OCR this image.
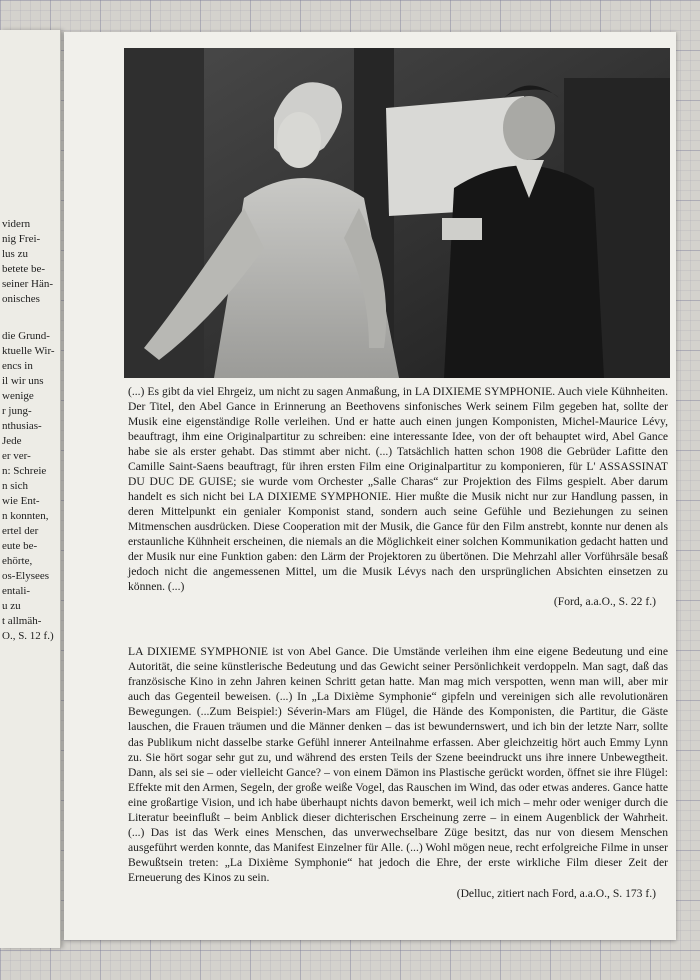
vidern
nig Frei-
lus zu
betete be-
seiner Hän-
onisches
die Grund-
ktuelle Wir-
encs in
il wir uns
wenige
r jung-
nthusias-
Jede
er ver-
n: Schreie
n sich
wie Ent-
n konnten,
ertel der
eute be-
ehörte,
os-Elysees
entali-
u zu
t allmäh-
O., S. 12 f.)
(...) Es gibt da viel Ehrgeiz, um nicht zu sagen Anmaßung, in LA DIXIEME SYMPHONIE. Auch viele Kühnheiten. Der Titel, den Abel Gance in Erinnerung an Beethovens sinfonisches Werk seinem Film gegeben hat, sollte der Musik eine eigenständige Rolle verleihen. Und er hatte auch einen jungen Komponisten, Michel-Maurice Lévy, beauftragt, ihm eine Originalpartitur zu schreiben: eine interessante Idee, von der oft behauptet wird, Abel Gance habe sie als erster gehabt. Das stimmt aber nicht. (...) Tatsächlich hatten schon 1908 die Gebrüder Lafitte den Camille Saint-Saens beauftragt, für ihren ersten Film eine Originalpartitur zu komponieren, für L' ASSASSINAT DU DUC DE GUISE; sie wurde vom Orchester „Salle Charas“ zur Projektion des Films gespielt. Aber darum handelt es sich nicht bei LA DIXIEME SYMPHONIE. Hier mußte die Musik nicht nur zur Handlung passen, in deren Mittelpunkt ein genialer Komponist stand, sondern auch seine Gefühle und Beziehungen zu seinen Mitmenschen ausdrücken. Diese Cooperation mit der Musik, die Gance für den Film anstrebt, konnte nur denen als erstaunliche Kühnheit erscheinen, die niemals an die Möglichkeit einer solchen Kommunikation gedacht hatten und der Musik nur eine Funktion gaben: den Lärm der Projektoren zu übertönen. Die Mehrzahl aller Vorführsäle besaß jedoch nicht die angemessenen Mittel, um die Musik Lévys nach den ursprünglichen Absichten einsetzen zu können. (...)
(Ford, a.a.O., S. 22 f.)
LA DIXIEME SYMPHONIE ist von Abel Gance. Die Umstände verleihen ihm eine eigene Bedeutung und eine Autorität, die seine künstlerische Bedeutung und das Gewicht seiner Persönlichkeit verdoppeln. Man sagt, daß das französische Kino in zehn Jahren keinen Schritt getan hatte. Man mag mich verspotten, wenn man will, aber mir auch das Gegenteil beweisen. (...) In „La Dixième Symphonie“ gipfeln und vereinigen sich alle revolutionären Bewegungen. (...Zum Beispiel:) Séverin-Mars am Flügel, die Hände des Komponisten, die Partitur, die Gäste lauschen, die Frauen träumen und die Männer denken – das ist bewundernswert, und ich bin der letzte Narr, sollte das Publikum nicht dasselbe starke Gefühl innerer Anteilnahme erfassen. Aber gleichzeitig hört auch Emmy Lynn zu. Sie hört sogar sehr gut zu, und während des ersten Teils der Szene beeindruckt uns ihre innere Unbewegtheit. Dann, als sei sie – oder vielleicht Gance? – von einem Dämon ins Plastische gerückt worden, öffnet sie ihre Flügel: Effekte mit den Armen, Segeln, der große weiße Vogel, das Rauschen im Wind, das oder etwas anderes. Gance hatte eine großartige Vision, und ich habe überhaupt nichts davon bemerkt, weil ich mich – mehr oder weniger durch die Literatur beeinflußt – beim Anblick dieser dichterischen Erscheinung zerre – in einem Augenblick der Wahrheit. (...) Das ist das Werk eines Menschen, das unverwechselbare Züge besitzt, das nur von diesem Menschen ausgeführt werden konnte, das Manifest Einzelner für Alle. (...) Wohl mögen neue, recht erfolgreiche Filme in unser Bewußtsein treten: „La Dixième Symphonie“ hat jedoch die Ehre, der erste wirkliche Film dieser Zeit der Erneuerung des Kinos zu sein.
(Delluc, zitiert nach Ford, a.a.O., S. 173 f.)
